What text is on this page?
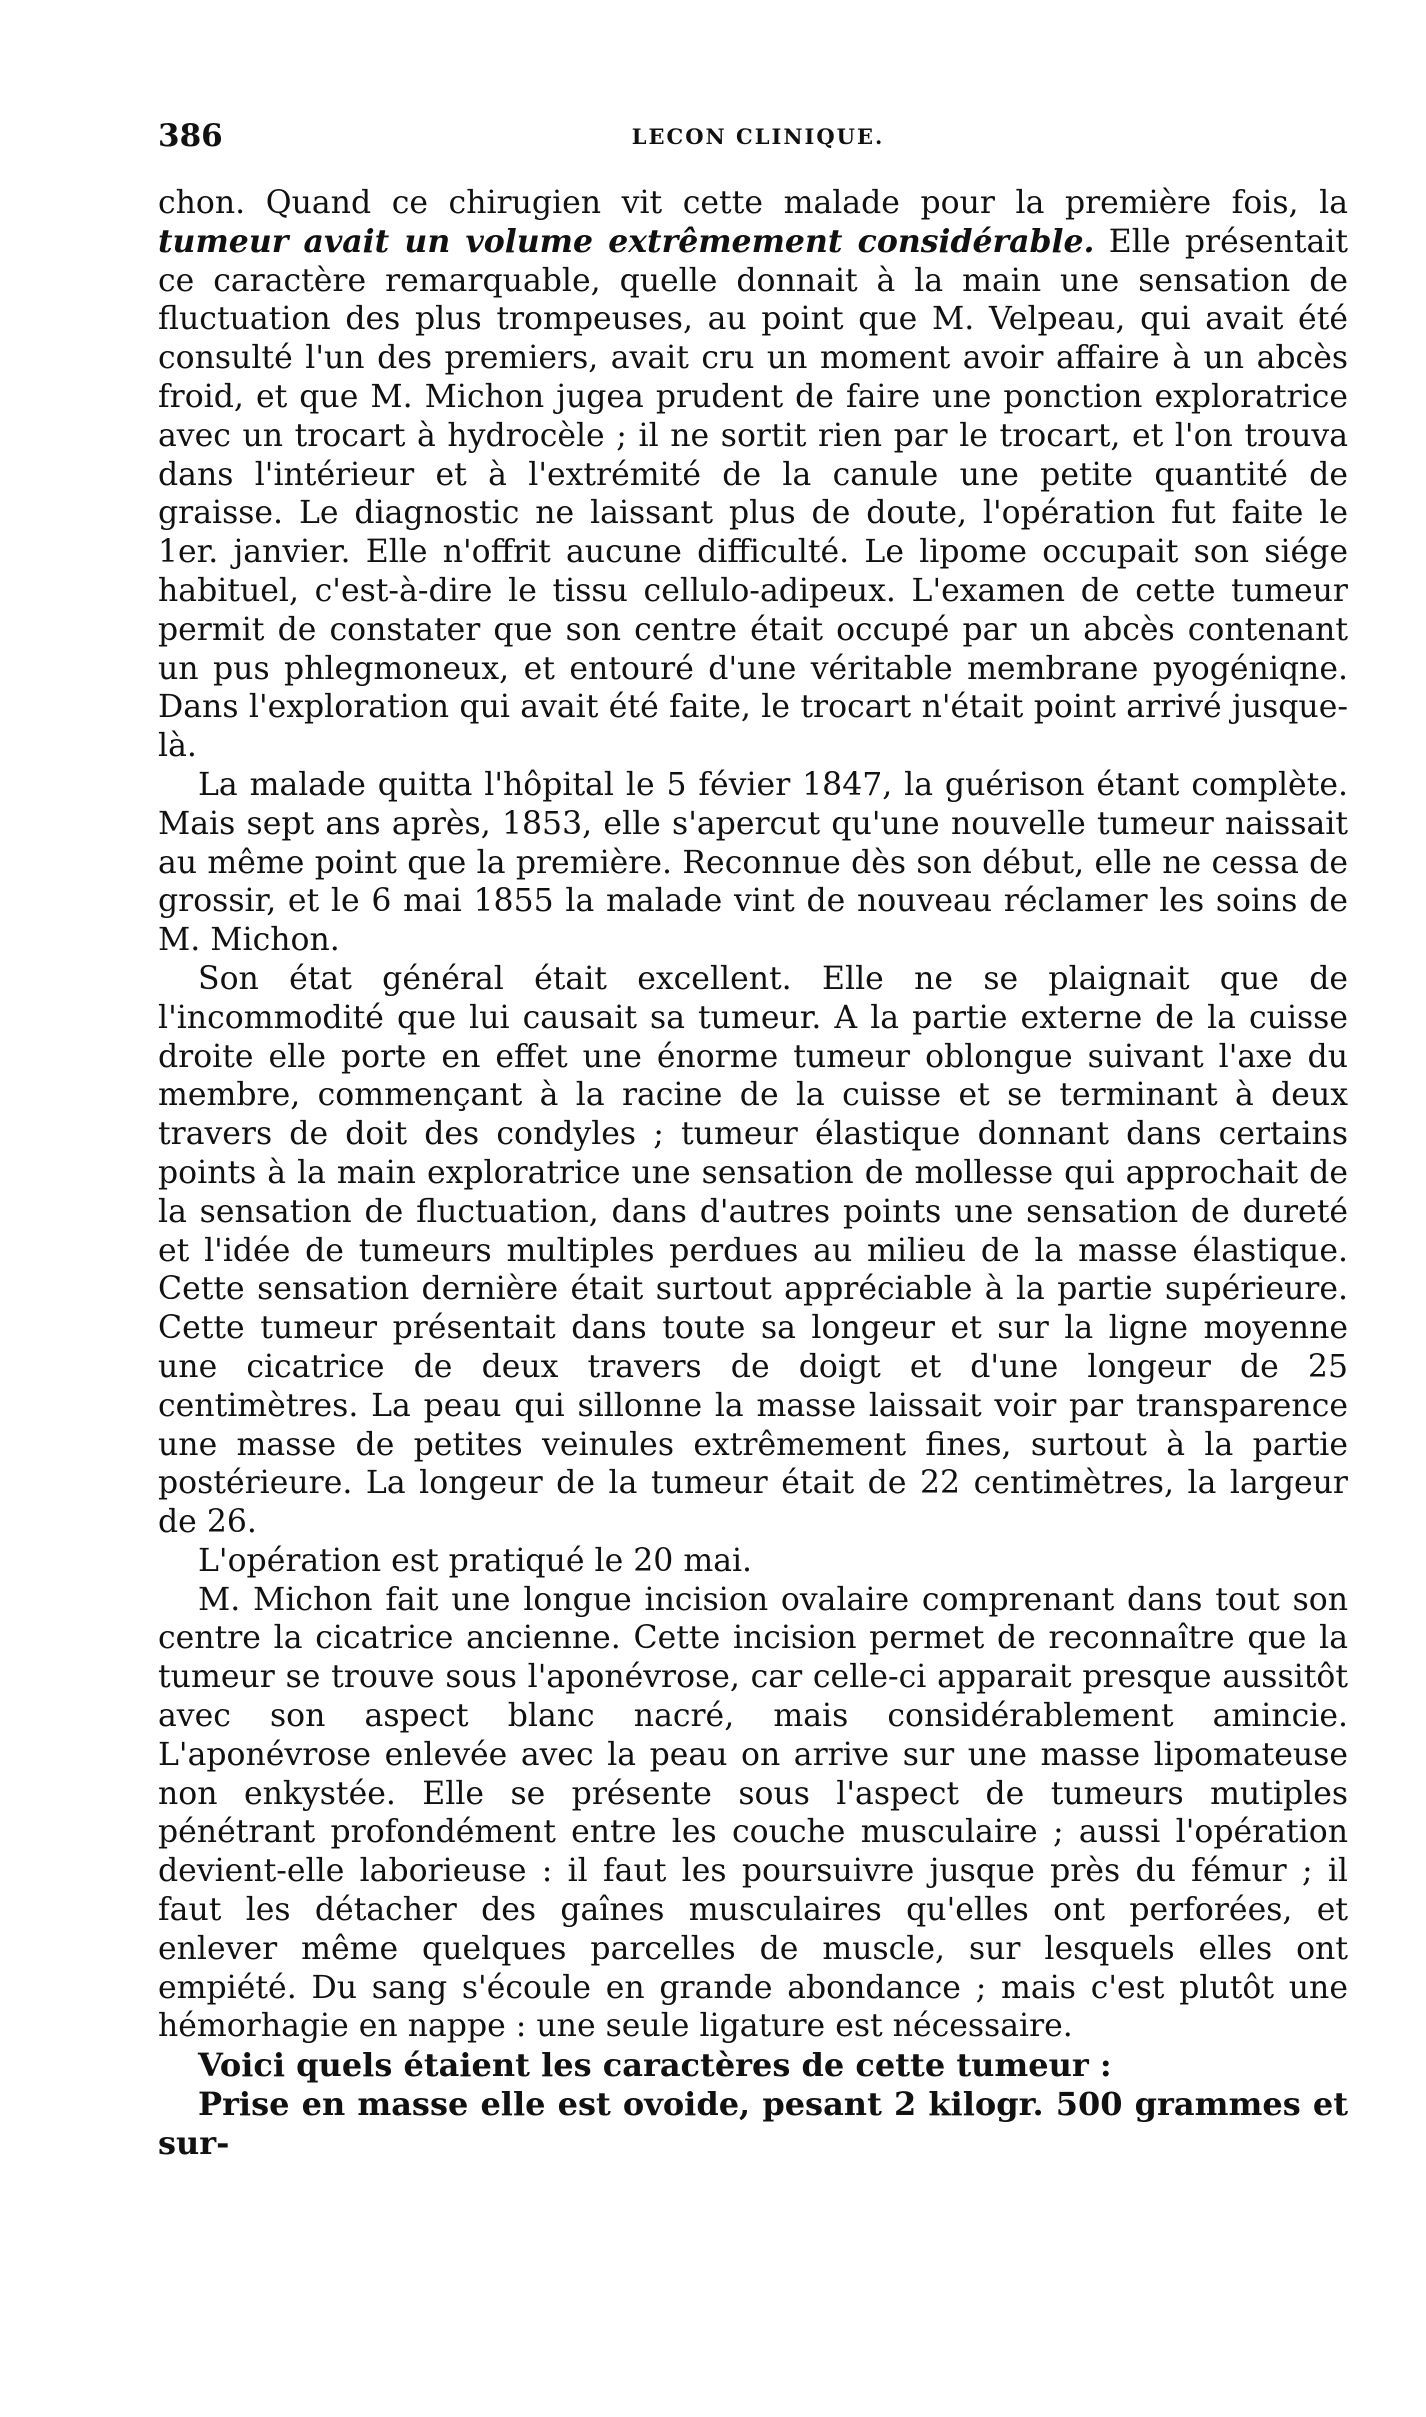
386	LECON CLINIQUE.

chon. Quand ce chirugien vit cette malade pour la première fois, la tumeur avait un volume extrêmement considérable. Elle présentait ce caractère remarquable, quelle donnait à la main une sensation de fluctuation des plus trompeuses, au point que M. Velpeau, qui avait été consulté l'un des premiers, avait cru un moment avoir affaire à un abcès froid, et que M. Michon jugea prudent de faire une ponction exploratrice avec un trocart à hydrocèle ; il ne sortit rien par le trocart, et l'on trouva dans l'intérieur et à l'extrémité de la canule une petite quantité de graisse. Le diagnostic ne laissant plus de doute, l'opération fut faite le 1er. janvier. Elle n'offrit aucune difficulté. Le lipome occupait son siége habituel, c'est-à-dire le tissu cellulo-adipeux. L'examen de cette tumeur permit de constater que son centre était occupé par un abcès contenant un pus phlegmoneux, et entouré d'une véritable membrane pyogéniqne. Dans l'exploration qui avait été faite, le trocart n'était point arrivé jusque-là.

La malade quitta l'hôpital le 5 févier 1847, la guérison étant complète. Mais sept ans après, 1853, elle s'apercut qu'une nouvelle tumeur naissait au même point que la première. Reconnue dès son début, elle ne cessa de grossir, et le 6 mai 1855 la malade vint de nouveau réclamer les soins de M. Michon.

Son état général était excellent. Elle ne se plaignait que de l'incommodité que lui causait sa tumeur. A la partie externe de la cuisse droite elle porte en effet une énorme tumeur oblongue suivant l'axe du membre, commençant à la racine de la cuisse et se terminant à deux travers de doit des condyles ; tumeur élastique donnant dans certains points à la main exploratrice une sensation de mollesse qui approchait de la sensation de fluctuation, dans d'autres points une sensation de dureté et l'idée de tumeurs multiples perdues au milieu de la masse élastique. Cette sensation dernière était surtout appréciable à la partie supérieure. Cette tumeur présentait dans toute sa longeur et sur la ligne moyenne une cicatrice de deux travers de doigt et d'une longeur de 25 centimètres. La peau qui sillonne la masse laissait voir par transparence une masse de petites veinules extrêmement fines, surtout à la partie postérieure. La longeur de la tumeur était de 22 centimètres, la largeur de 26.

L'opération est pratiqué le 20 mai.

M. Michon fait une longue incision ovalaire comprenant dans tout son centre la cicatrice ancienne. Cette incision permet de reconnaître que la tumeur se trouve sous l'aponévrose, car celle-ci apparait presque aussitôt avec son aspect blanc nacré, mais considérablement amincie. L'aponévrose enlevée avec la peau on arrive sur une masse lipomateuse non enkystée. Elle se présente sous l'aspect de tumeurs mutiples pénétrant profondément entre les couche musculaire ; aussi l'opération devient-elle laborieuse : il faut les poursuivre jusque près du fémur ; il faut les détacher des gaînes musculaires qu'elles ont perforées, et enlever même quelques parcelles de muscle, sur lesquels elles ont empiété. Du sang s'écoule en grande abondance ; mais c'est plutôt une hémorhagie en nappe : une seule ligature est nécessaire.

Voici quels étaient les caractères de cette tumeur :

Prise en masse elle est ovoide, pesant 2 kilogr. 500 grammes et sur-
